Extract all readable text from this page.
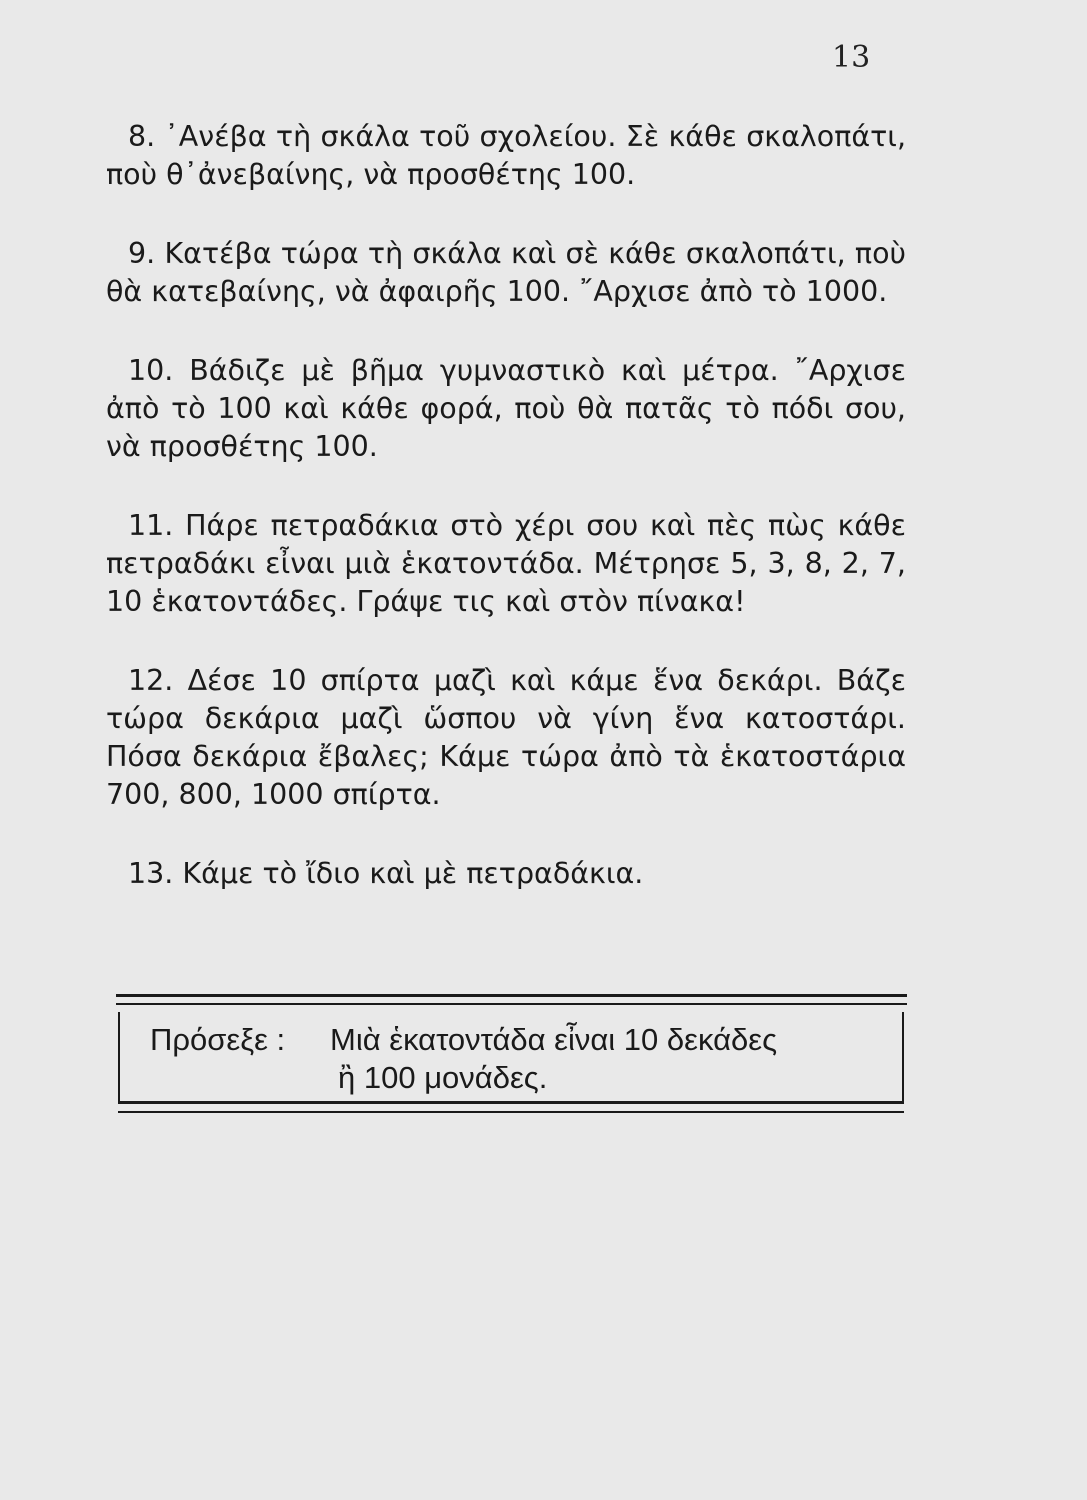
13

8. ᾿Ανέβα τὴ σκάλα τοῦ σχολείου. Σὲ κάθε σκαλοπάτι, ποὺ θ᾿ἀνεβαίνης, νὰ προσθέτης 100.

9. Κατέβα τώρα τὴ σκάλα καὶ σὲ κάθε σκαλοπάτι, ποὺ θὰ κατεβαίνης, νὰ ἀφαιρῆς 100. ῎Αρχισε ἀπὸ τὸ 1000.

10. Βάδιζε μὲ βῆμα γυμναστικὸ καὶ μέτρα. ῎Αρχισε ἀπὸ τὸ 100 καὶ κάθε φορά, ποὺ θὰ πατᾶς τὸ πόδι σου, νὰ προσθέτης 100.

11. Πάρε πετραδάκια στὸ χέρι σου καὶ πὲς πὼς κάθε πετραδάκι εἶναι μιὰ ἑκατοντάδα. Μέτρησε 5, 3, 8, 2, 7, 10 ἑκατοντάδες. Γράψε τις καὶ στὸν πίνακα!

12. Δέσε 10 σπίρτα μαζὶ καὶ κάμε ἕνα δεκάρι. Βάζε τώρα δεκάρια μαζὶ ὥσπου νὰ γίνη ἕνα κατοστάρι. Πόσα δεκάρια ἔβαλες; Κάμε τώρα ἀπὸ τὰ ἑκατοστάρια 700, 800, 1000 σπίρτα.

13. Κάμε τὸ ἴδιο καὶ μὲ πετραδάκια.

Πρόσεξε : Μιὰ ἑκατοντάδα εἶναι 10 δεκάδες
ἢ 100 μονάδες.
